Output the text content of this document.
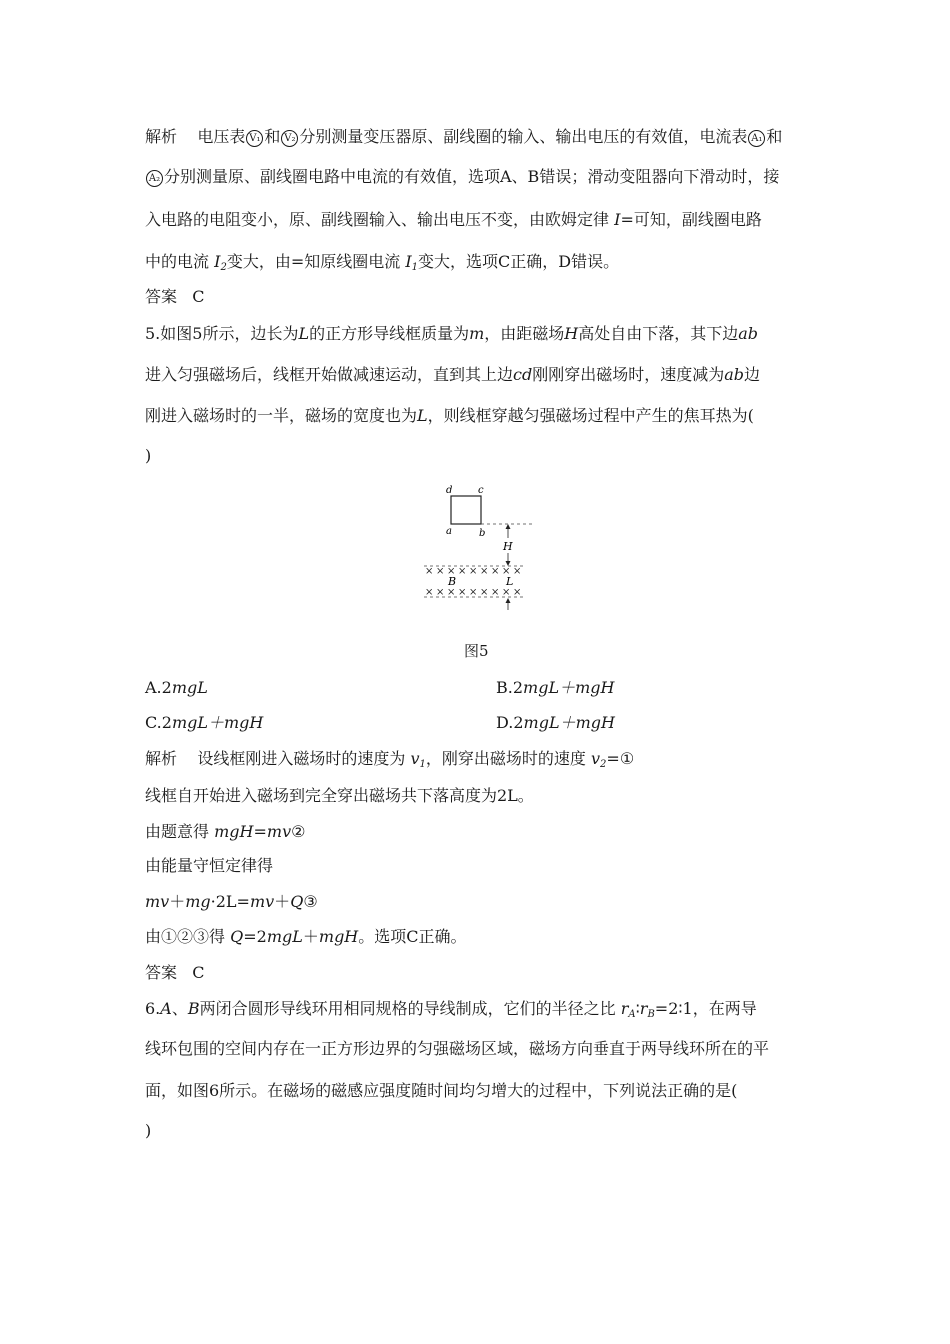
解析 电压表 V₁ 和 V₂ 分别测量变压器原、副线圈的输入、输出电压的有效值，电流表 A₁ 和
A₂ 分别测量原、副线圈电路中电流的有效值，选项A、B错误；滑动变阻器向下滑动时，接
入电路的电阻变小，原、副线圈输入、输出电压不变，由欧姆定律 I=可知，副线圈电路
中的电流 $I_2$变大，由=知原线圈电流 $I_1$变大，选项C正确，D错误。
答案 C
5.如图5所示，边长为L的正方形导线框质量为m，由距磁场H高处自由下落，其下边ab
进入匀强磁场后，线框开始做减速运动，直到其上边cd刚刚穿出磁场时，速度减为ab边
刚进入磁场时的一半，磁场的宽度也为L，则线框穿越匀强磁场过程中产生的焦耳热为(
)
d	c
a	b
H
× × × × × × × × ×
B	L
× × × × × × × × ×
图5
A.2mgL	B.2mgL＋mgH
C.2mgL＋mgH	D.2mgL＋mgH
解析 设线框刚进入磁场时的速度为 $v_1$，刚穿出磁场时的速度 $v_2=①$
线框自开始进入磁场到完全穿出磁场共下落高度为2L。
由题意得 mgH=mv②
由能量守恒定律得
mv＋mg·2L=mv＋Q③
由①②③得 Q=2mgL＋mgH。选项C正确。
答案 C
6.A、B两闭合圆形导线环用相同规格的导线制成，它们的半径之比 $r_A∶r_B=2∶1$，在两导
线环包围的空间内存在一正方形边界的匀强磁场区域，磁场方向垂直于两导线环所在的平
面，如图6所示。在磁场的磁感应强度随时间均匀增大的过程中，下列说法正确的是(
)
